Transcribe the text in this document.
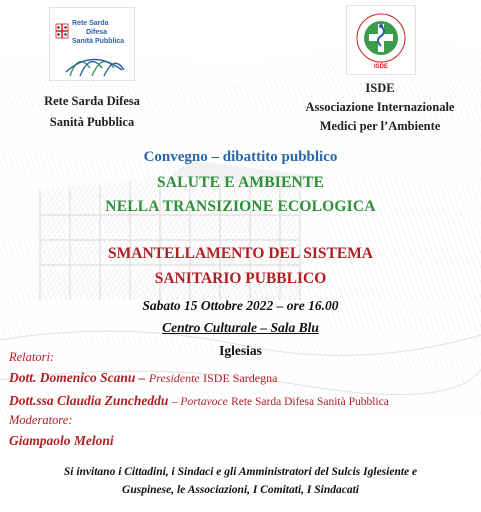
Rete Sarda
Difesa
Sanità Pubblica
Rete Sarda Difesa
Sanità Pubblica
ISDE
ISDE
Associazione Internazionale
Medici per l’Ambiente
Convegno – dibattito pubblico
SALUTE E AMBIENTE
NELLA TRANSIZIONE ECOLOGICA
SMANTELLAMENTO DEL SISTEMA
SANITARIO PUBBLICO
Sabato 15 Ottobre 2022 – ore 16.00
Centro Culturale – Sala Blu
Iglesias
Relatori:
Dott. Domenico Scanu – Presidente ISDE Sardegna
Dott.ssa Claudia Zuncheddu – Portavoce Rete Sarda Difesa Sanità Pubblica
Moderatore:
Giampaolo Meloni
Si invitano i Cittadini, i Sindaci e gli Amministratori del Sulcis Iglesiente e
Guspinese, le Associazioni, I Comitati, I Sindacati
